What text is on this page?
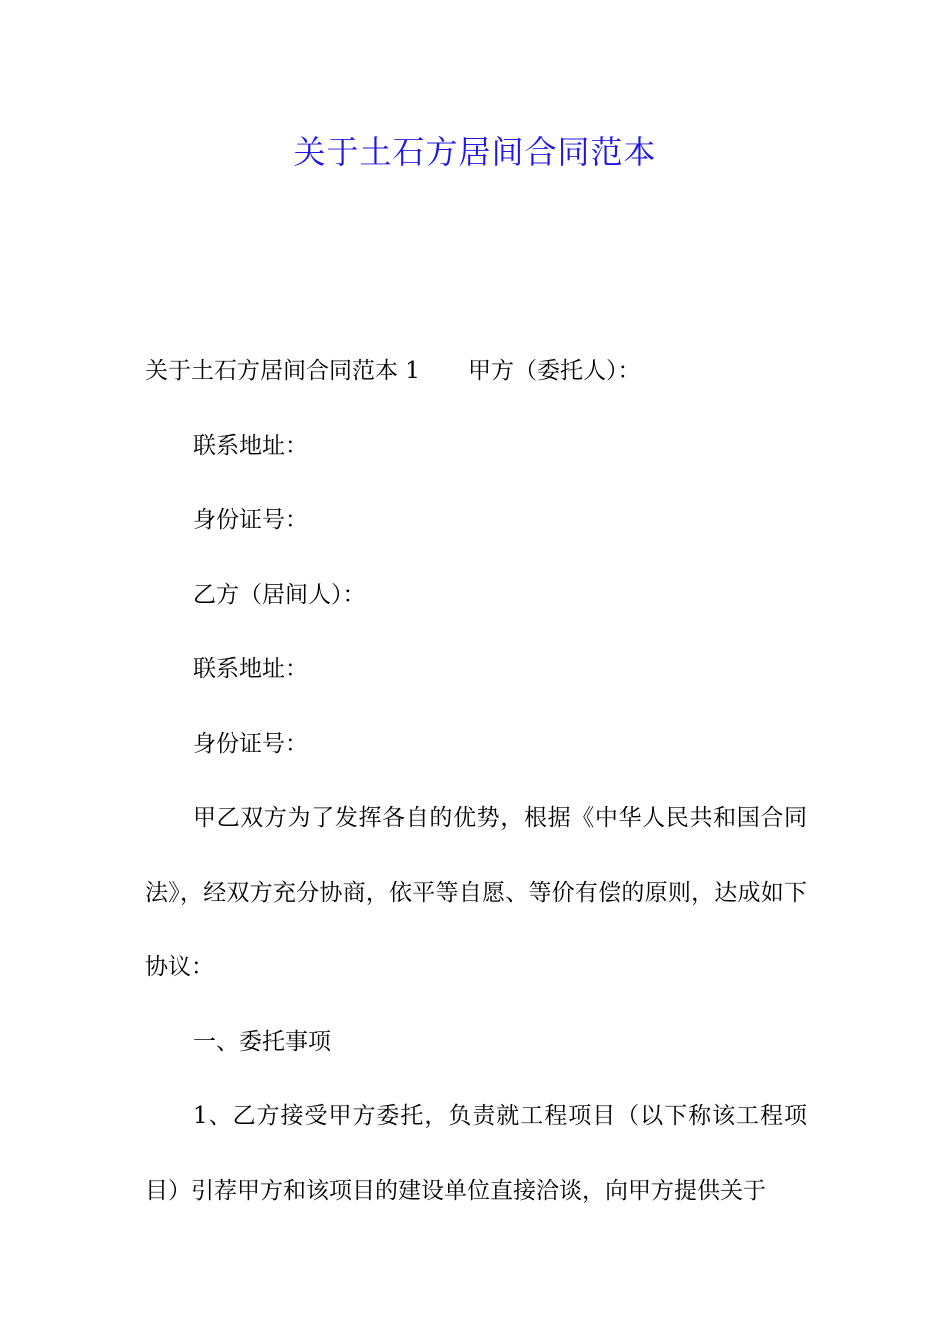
关于土石方居间合同范本

关于土石方居间合同范本 1 甲方（委托人）：

联系地址：

身份证号：

乙方（居间人）：

联系地址：

身份证号：

甲乙双方为了发挥各自的优势，根据《中华人民共和国合同法》，经双方充分协商，依平等自愿、等价有偿的原则，达成如下协议：

一、委托事项

1、乙方接受甲方委托，负责就工程项目（以下称该工程项目）引荐甲方和该项目的建设单位直接洽谈，向甲方提供关于
